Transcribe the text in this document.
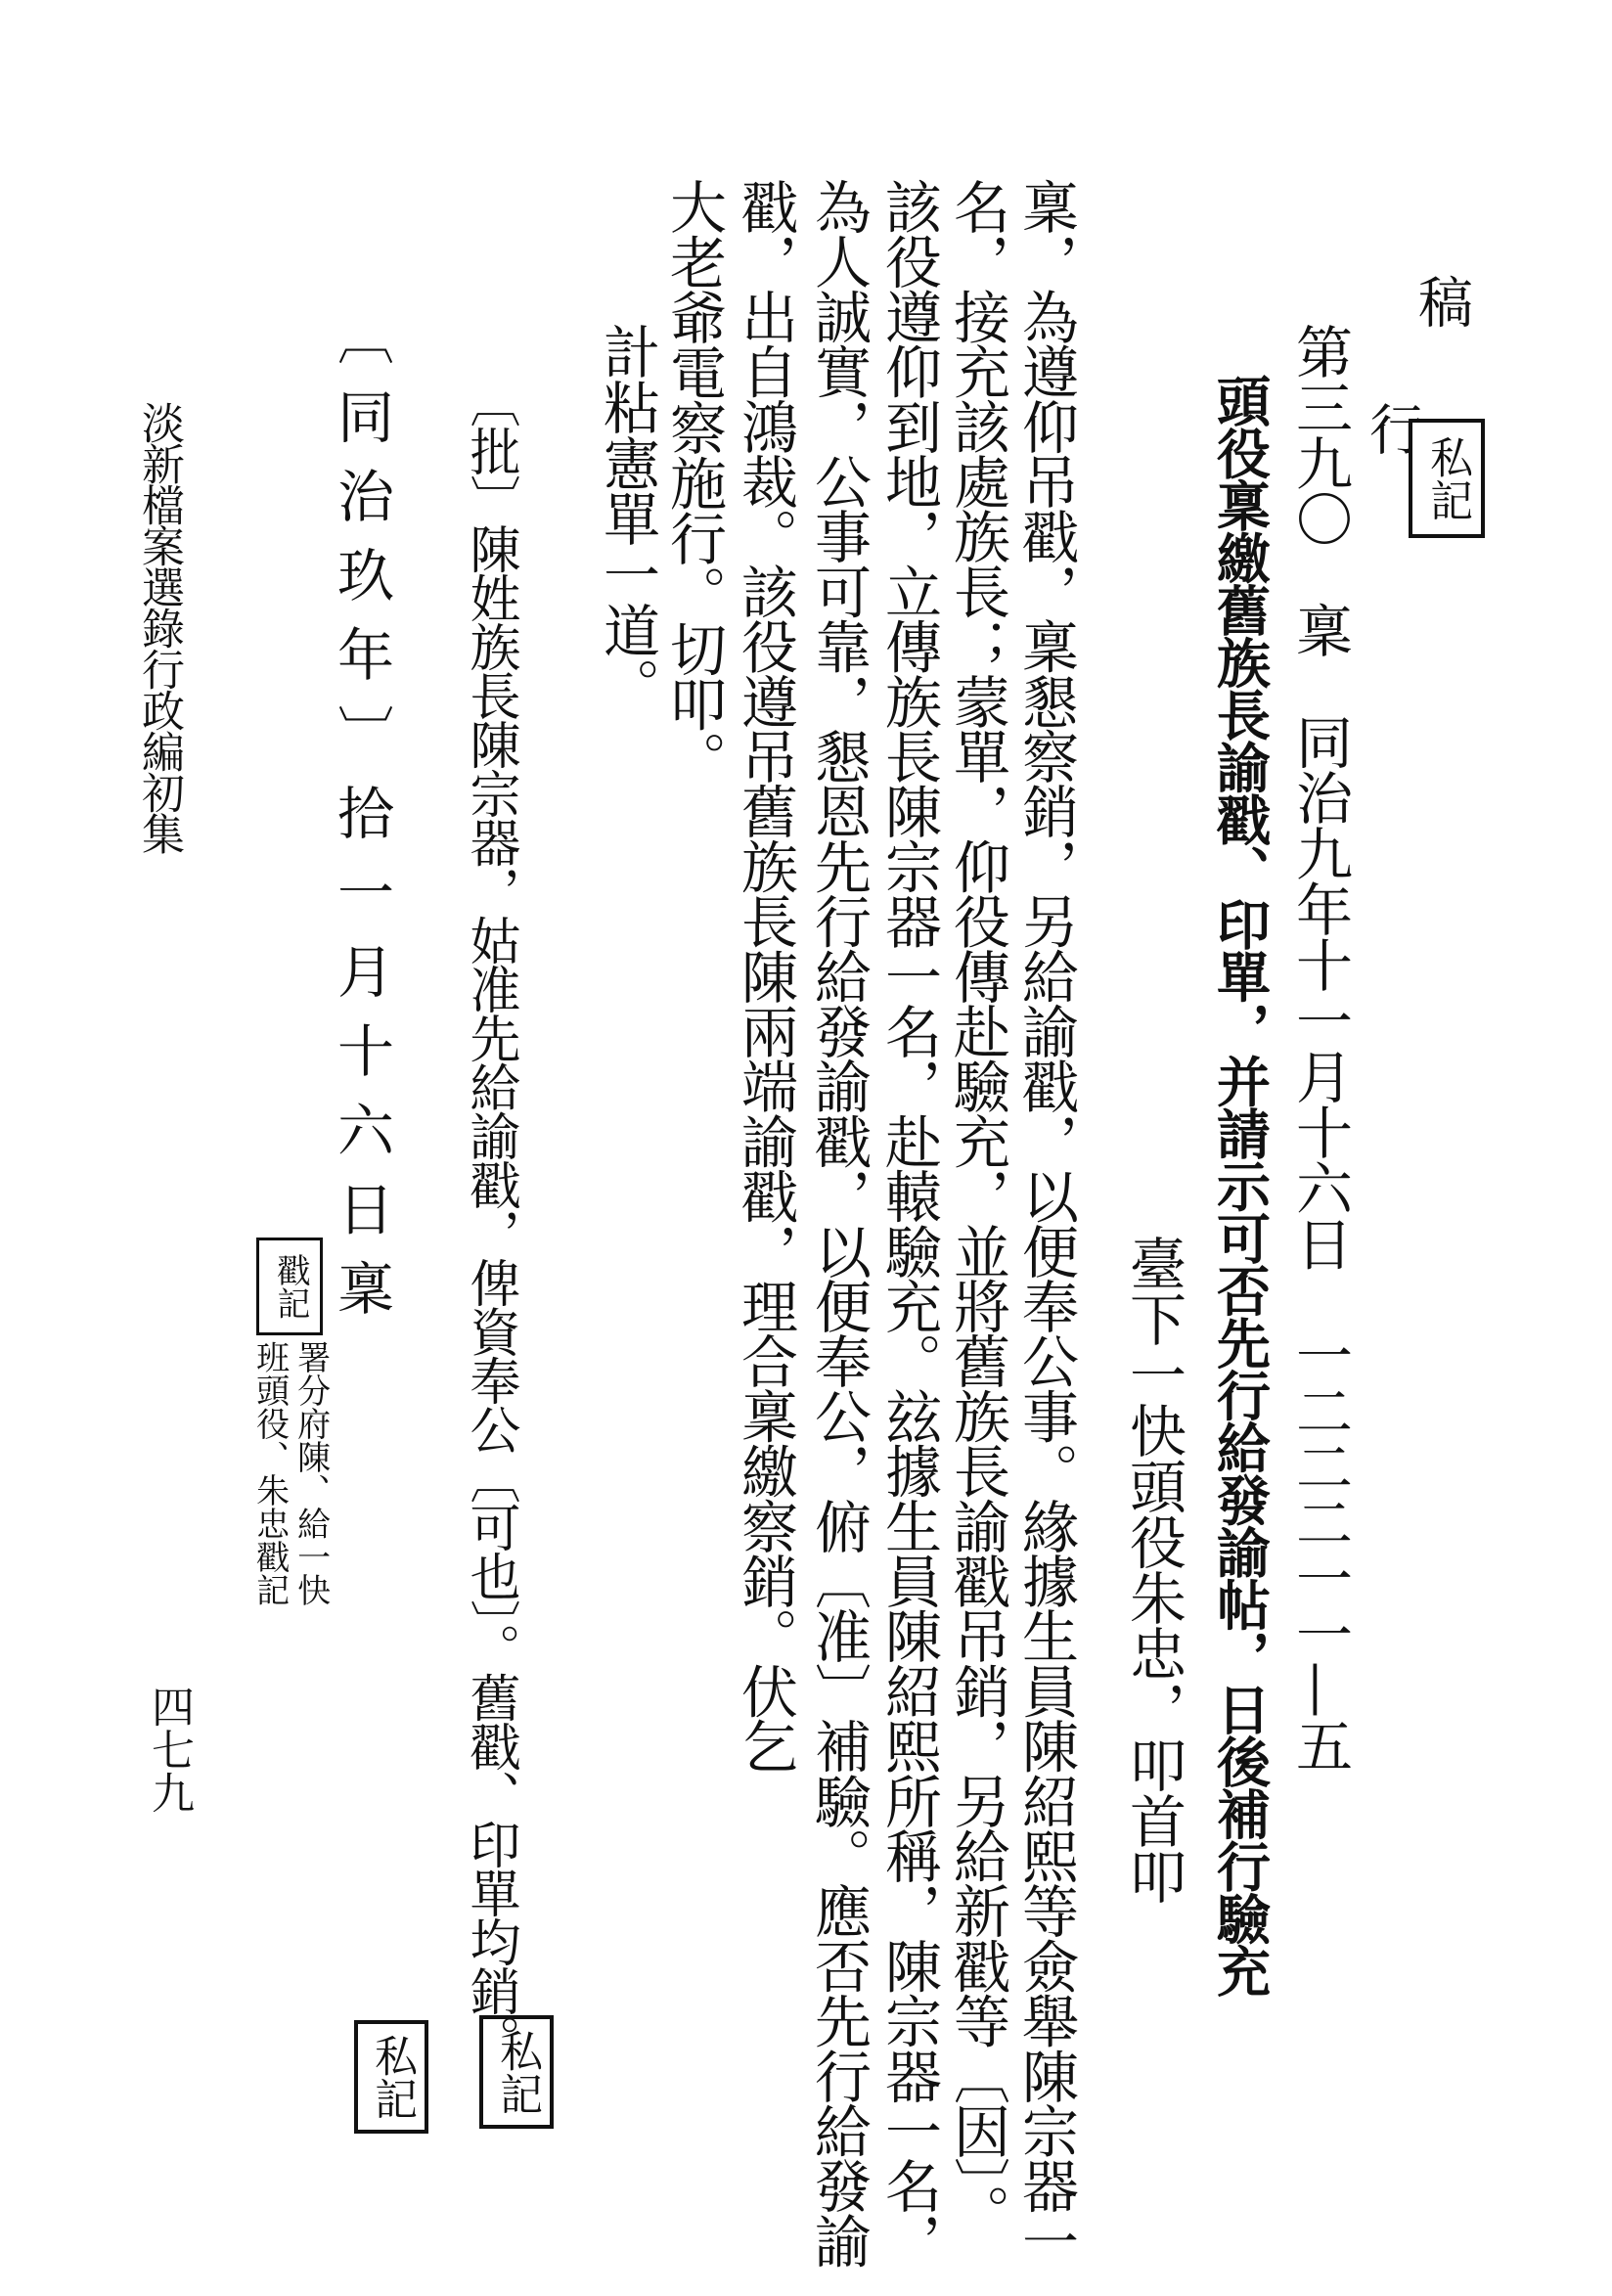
稿
行
私記
第三九〇　稟　同治九年十一月十六日　一二二二一一—五
頭役稟繳舊族長諭戳、印單，并請示可否先行給發諭帖，日後補行驗充
臺下一快頭役朱忠，叩首叩
稟，為遵仰吊戳，稟懇察銷，另給諭戳，以便奉公事。緣據生員陳紹熙等僉舉陳宗器一
名，接充該處族長；蒙單，仰役傳赴驗充，並將舊族長諭戳吊銷，另給新戳等〔因〕。
該役遵仰到地，立傳族長陳宗器一名，赴轅驗充。玆據生員陳紹熙所稱，陳宗器一名，
為人誠實，公事可靠，懇恩先行給發諭戳，以便奉公，俯〔准〕補驗。應否先行給發諭
戳，出自鴻裁。該役遵吊舊族長陳兩端諭戳，理合稟繳察銷。伏乞
大老爺電察施行。切叩。
計粘憲單一道。
〔批〕陳姓族長陳宗器，姑准先給諭戳，俾資奉公〔可也〕。舊戳、印單均銷。
〔同治玖年〕拾一月十六日稟
戳記
署分府陳、給一快
班頭役、朱忠戳記
私記
私記
淡新檔案選錄行政編初集
四七九
